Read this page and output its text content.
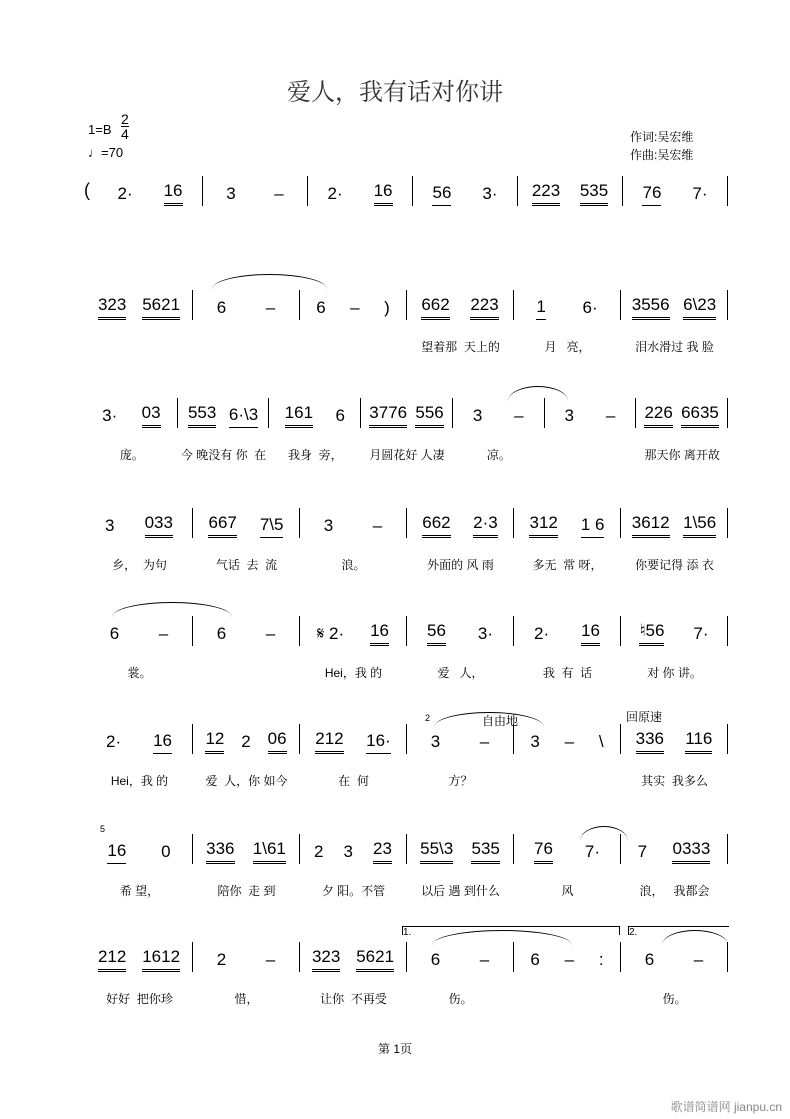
爱人，我有话对你讲
1=B
2
4
♩=70
作词:吴宏维
作曲:吴宏维
( 2· 16	3 –	2· 16 56 3· 223 535 76 7·
323 5621 6 – 6 – ) 662 223 1 6· 3556 6\23
望着那  天上的	月   亮，	泪水滑过 我 脸
3· 03 553 6·\3 161 6 3776 556 3 – 3 – 226 6635
庞。	今 晚没有 你  在	我身  旁，	月圆花好 人凄	凉。	那天你 离开故
3 033 667 7\5 3 – 662 2·3 312 1 6 3612 1\56
乡，  为句	气话  去  流	浪。	外面的 风 雨	多无  常 呀，	你要记得 添 衣
6 –	6 – 𝄋 2· 16 56 3· 2· 16 ♮56 7·
裳。	Hei，我 的	爱   人，	我  有  话	对 你 讲。
2· 16 12 2 06 212 16· 3 – 3 – \ 336 116
Hei，我 的	爱  人，你 如今	在  何	方？	其实  我多么
16 0 336 1\61 2 3 23 55\3 535 76 7· 7 0333
希 望，	陪你  走 到	夕 阳。不管	以后 遇 到什么	风	浪，   我都会
212 1612 2 – 323 5621 6 – 6 – : 6 –
好好  把你珍	惜，	让你  不再受	伤。	伤。
自由地	回原速
2
5
1.	2.
第 1页
歌谱简谱网 jianpu.cn
